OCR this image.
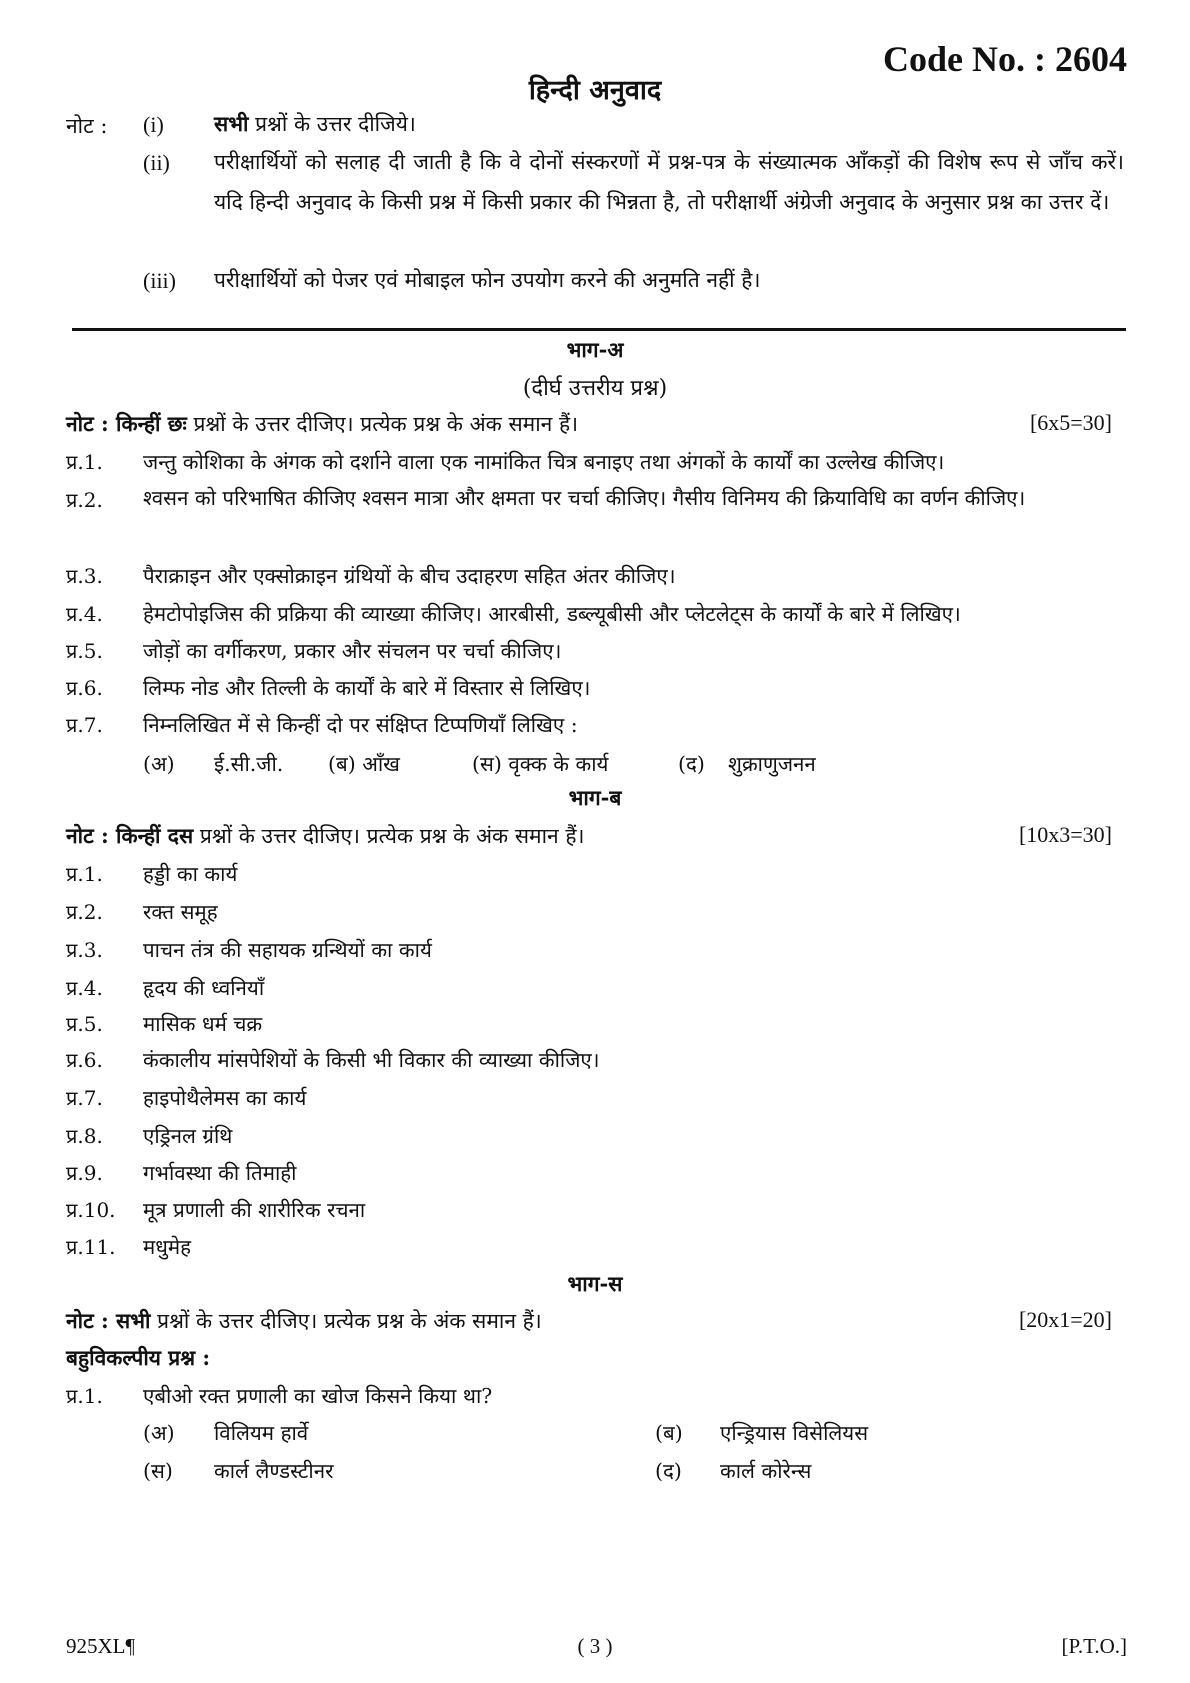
Code No. : 2604
हिन्दी अनुवाद
नोट : (i) सभी प्रश्नों के उत्तर दीजिये।
(ii) परीक्षार्थियों को सलाह दी जाती है कि वे दोनों संस्करणों में प्रश्न-पत्र के संख्यात्मक आँकड़ों की विशेष रूप से जाँच करें। यदि हिन्दी अनुवाद के किसी प्रश्न में किसी प्रकार की भिन्नता है, तो परीक्षार्थी अंग्रेजी अनुवाद के अनुसार प्रश्न का उत्तर दें।
(iii) परीक्षार्थियों को पेजर एवं मोबाइल फोन उपयोग करने की अनुमति नहीं है।
भाग-अ
(दीर्घ उत्तरीय प्रश्न)
नोट : किन्हीं छः प्रश्नों के उत्तर दीजिए। प्रत्येक प्रश्न के अंक समान हैं।	[6x5=30]
प्र.1. जन्तु कोशिका के अंगक को दर्शाने वाला एक नामांकित चित्र बनाइए तथा अंगकों के कार्यों का उल्लेख कीजिए।
प्र.2. श्वसन को परिभाषित कीजिए श्वसन मात्रा और क्षमता पर चर्चा कीजिए। गैसीय विनिमय की क्रियाविधि का वर्णन कीजिए।
प्र.3. पैराक्राइन और एक्सोक्राइन ग्रंथियों के बीच उदाहरण सहित अंतर कीजिए।
प्र.4. हेमटोपोइजिस की प्रक्रिया की व्याख्या कीजिए। आरबीसी, डब्ल्यूबीसी और प्लेटलेट्स के कार्यों के बारे में लिखिए।
प्र.5. जोड़ों का वर्गीकरण, प्रकार और संचलन पर चर्चा कीजिए।
प्र.6. लिम्फ नोड और तिल्ली के कार्यों के बारे में विस्तार से लिखिए।
प्र.7. निम्नलिखित में से किन्हीं दो पर संक्षिप्त टिप्पणियाँ लिखिए :
(अ) ई.सी.जी. (ब) आँख	(स) वृक्क के कार्य	(द) शुक्राणुजनन
भाग-ब
नोट : किन्हीं दस प्रश्नों के उत्तर दीजिए। प्रत्येक प्रश्न के अंक समान हैं।	[10x3=30]
प्र.1. हड्डी का कार्य
प्र.2. रक्त समूह
प्र.3. पाचन तंत्र की सहायक ग्रन्थियों का कार्य
प्र.4. हृदय की ध्वनियाँ
प्र.5. मासिक धर्म चक्र
प्र.6. कंकालीय मांसपेशियों के किसी भी विकार की व्याख्या कीजिए।
प्र.7. हाइपोथैलेमस का कार्य
प्र.8. एड्रिनल ग्रंथि
प्र.9. गर्भावस्था की तिमाही
प्र.10. मूत्र प्रणाली की शारीरिक रचना
प्र.11. मधुमेह
भाग-स
नोट : सभी प्रश्नों के उत्तर दीजिए। प्रत्येक प्रश्न के अंक समान हैं।	[20x1=20]
बहुविकल्पीय प्रश्न :
प्र.1. एबीओ रक्त प्रणाली का खोज किसने किया था?
(अ) विलियम हार्वे	(ब) एन्ड्रियास विसेलियस
(स) कार्ल लैण्डस्टीनर	(द) कार्ल कोरेन्स
925XL¶	( 3 )	[P.T.O.]
